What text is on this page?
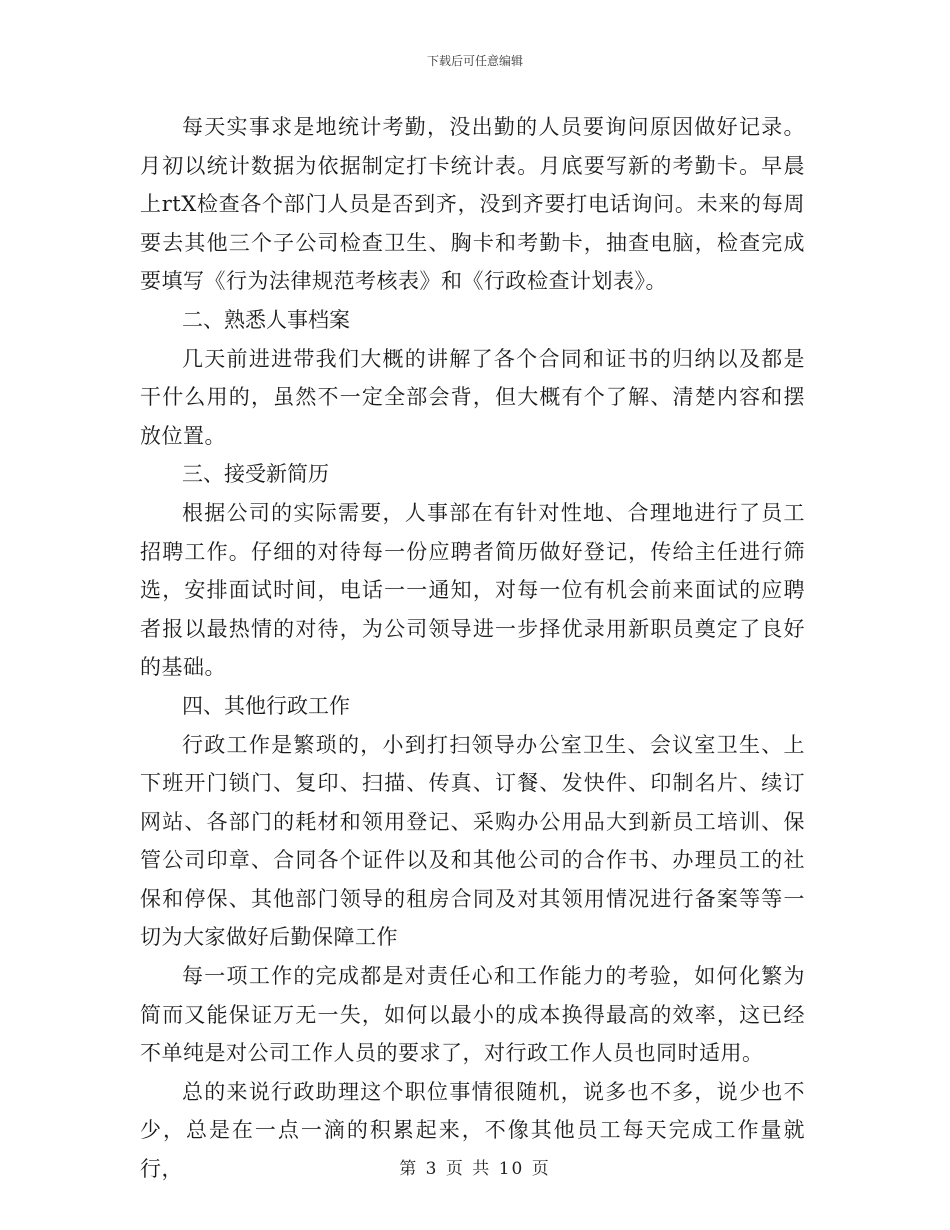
下载后可任意编辑

每天实事求是地统计考勤，没出勤的人员要询问原因做好记录。月初以统计数据为依据制定打卡统计表。月底要写新的考勤卡。早晨上rtX检查各个部门人员是否到齐，没到齐要打电话询问。未来的每周要去其他三个子公司检查卫生、胸卡和考勤卡，抽查电脑，检查完成要填写《行为法律规范考核表》和《行政检查计划表》。

二、熟悉人事档案

几天前进进带我们大概的讲解了各个合同和证书的归纳以及都是干什么用的，虽然不一定全部会背，但大概有个了解、清楚内容和摆放位置。

三、接受新简历

根据公司的实际需要，人事部在有针对性地、合理地进行了员工招聘工作。仔细的对待每一份应聘者简历做好登记，传给主任进行筛选，安排面试时间，电话一一通知，对每一位有机会前来面试的应聘者报以最热情的对待，为公司领导进一步择优录用新职员奠定了良好的基础。

四、其他行政工作

行政工作是繁琐的，小到打扫领导办公室卫生、会议室卫生、上下班开门锁门、复印、扫描、传真、订餐、发快件、印制名片、续订网站、各部门的耗材和领用登记、采购办公用品大到新员工培训、保管公司印章、合同各个证件以及和其他公司的合作书、办理员工的社保和停保、其他部门领导的租房合同及对其领用情况进行备案等等一切为大家做好后勤保障工作

每一项工作的完成都是对责任心和工作能力的考验，如何化繁为简而又能保证万无一失，如何以最小的成本换得最高的效率，这已经不单纯是对公司工作人员的要求了，对行政工作人员也同时适用。

总的来说行政助理这个职位事情很随机，说多也不多，说少也不少，总是在一点一滴的积累起来，不像其他员工每天完成工作量就行，	第 3 页 共 10 页
